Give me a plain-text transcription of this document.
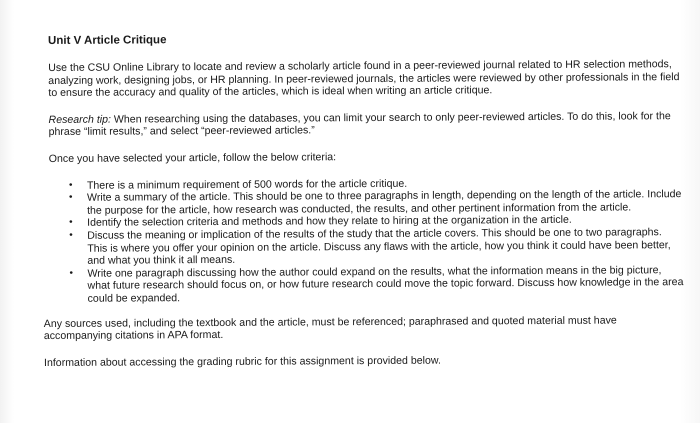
Unit V Article Critique
Use the CSU Online Library to locate and review a scholarly article found in a peer-reviewed journal related to HR selection methods, analyzing work, designing jobs, or HR planning. In peer-reviewed journals, the articles were reviewed by other professionals in the field to ensure the accuracy and quality of the articles, which is ideal when writing an article critique.
Research tip: When researching using the databases, you can limit your search to only peer-reviewed articles. To do this, look for the phrase “limit results,” and select “peer-reviewed articles.”
Once you have selected your article, follow the below criteria:
• There is a minimum requirement of 500 words for the article critique.
• Write a summary of the article. This should be one to three paragraphs in length, depending on the length of the article. Include the purpose for the article, how research was conducted, the results, and other pertinent information from the article.
• Identify the selection criteria and methods and how they relate to hiring at the organization in the article.
• Discuss the meaning or implication of the results of the study that the article covers. This should be one to two paragraphs. This is where you offer your opinion on the article. Discuss any flaws with the article, how you think it could have been better, and what you think it all means.
• Write one paragraph discussing how the author could expand on the results, what the information means in the big picture, what future research should focus on, or how future research could move the topic forward. Discuss how knowledge in the area could be expanded.
Any sources used, including the textbook and the article, must be referenced; paraphrased and quoted material must have accompanying citations in APA format.
Information about accessing the grading rubric for this assignment is provided below.
